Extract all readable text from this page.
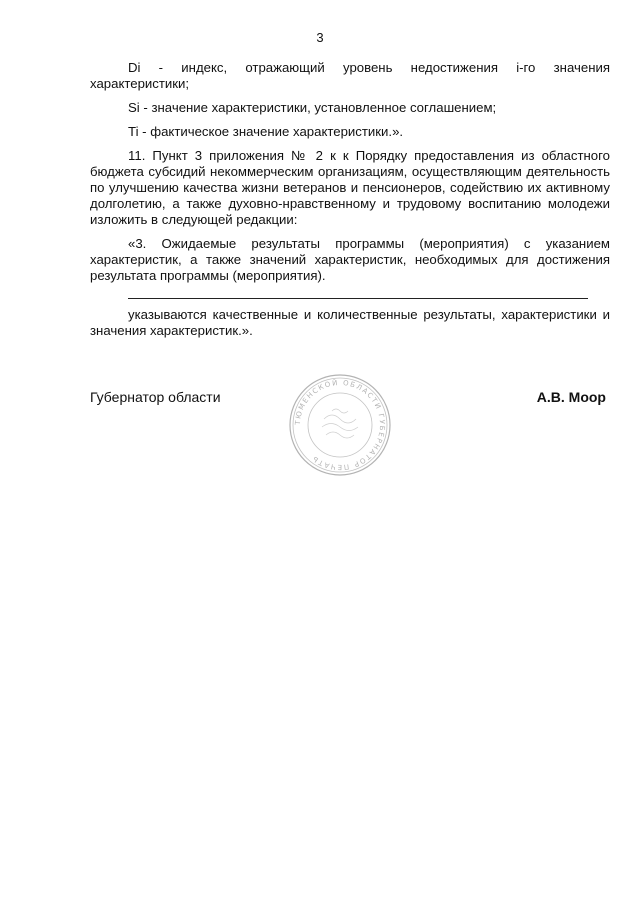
3

Di - индекс, отражающий уровень недостижения i-го значения характеристики;

Si - значение характеристики, установленное соглашением;

Ti - фактическое значение характеристики.».

11. Пункт 3 приложения № 2 к к Порядку предоставления из областного бюджета субсидий некоммерческим организациям, осуществляющим деятельность по улучшению качества жизни ветеранов и пенсионеров, содействию их активному долголетию, а также духовно-нравственному и трудовому воспитанию молодежи изложить в следующей редакции:

«3. Ожидаемые результаты программы (мероприятия) с указанием характеристик, а также значений характеристик, необходимых для достижения результата программы (мероприятия).

указываются качественные и количественные результаты, характеристики и значения характеристик.».

Губернатор области	А.В. Моор
ТЮМЕНСКОЙ ОБЛАСТИ ГУБЕРНАТОР ПЕЧАТЬ
